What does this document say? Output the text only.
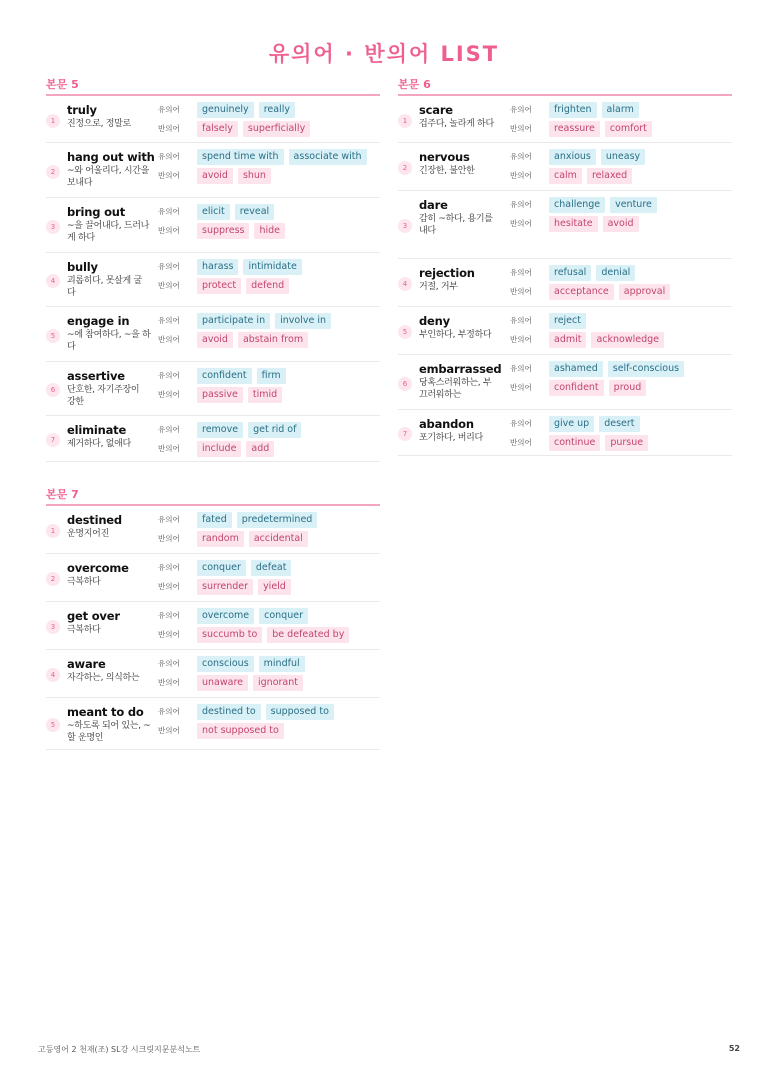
유의어 · 반의어 LIST
본문 5
1
truly
진정으로, 정말로
유의어	genuinely	really
반의어	falsely	superficially
2
hang out with
~와 어울리다, 시간을
보내다
유의어	spend time with	associate with
반의어	avoid	shun
3
bring out
~을 끌어내다, 드러나
게 하다
유의어	elicit	reveal
반의어	suppress	hide
4
bully
괴롭히다, 못살게 굴
다
유의어	harass	intimidate
반의어	protect	defend
5
engage in
~에 참여하다, ~을 하
다
유의어	participate in	involve in
반의어	avoid	abstain from
6
assertive
단호한, 자기주장이
강한
유의어	confident	firm
반의어	passive	timid
7
eliminate
제거하다, 없애다
유의어	remove	get rid of
반의어	include	add
본문 6
1
scare
겁주다, 놀라게 하다
유의어	frighten	alarm
반의어	reassure	comfort
2
nervous
긴장한, 불안한
유의어	anxious	uneasy
반의어	calm	relaxed
3
dare
감히 ~하다, 용기를
내다
유의어	challenge	venture
반의어	hesitate	avoid
4
rejection
거절, 거부
유의어	refusal	denial
반의어	acceptance	approval
5
deny
부인하다, 부정하다
유의어	reject
반의어	admit	acknowledge
6
embarrassed
당혹스러워하는, 부
끄러워하는
유의어	ashamed	self-conscious
반의어	confident	proud
7
abandon
포기하다, 버리다
유의어	give up	desert
반의어	continue	pursue
본문 7
1
destined
운명지어진
유의어	fated	predetermined
반의어	random	accidental
2
overcome
극복하다
유의어	conquer	defeat
반의어	surrender	yield
3
get over
극복하다
유의어	overcome	conquer
반의어	succumb to	be defeated by
4
aware
자각하는, 의식하는
유의어	conscious	mindful
반의어	unaware	ignorant
5
meant to do
~하도록 되어 있는, ~
할 운명인
유의어	destined to	supposed to
반의어	not supposed to
고등영어 2 천재(조) SL강 시크릿지문분석노트	52
